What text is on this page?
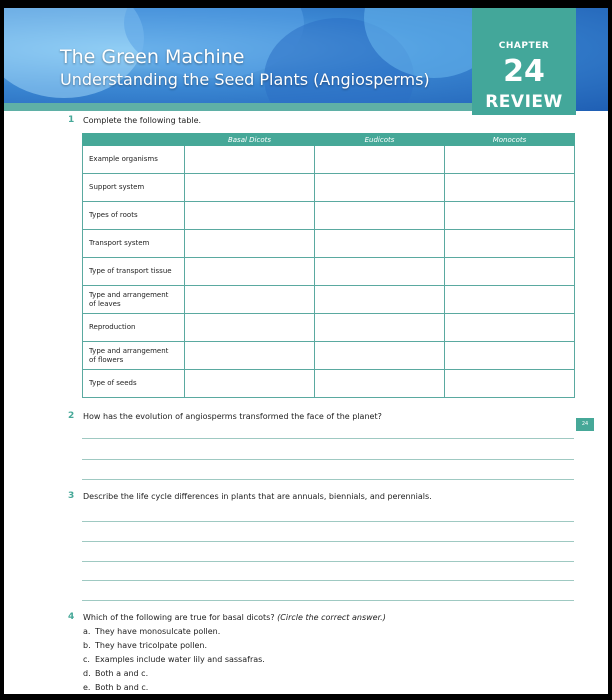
The Green Machine
Understanding the Seed Plants (Angiosperms)
CHAPTER
24
REVIEW
1 Complete the following table.
	Basal Dicots	Eudicots	Monocots
Example organisms			
Support system			
Types of roots			
Transport system			
Type of transport tissue			
Type and arrangement
of leaves			
Reproduction			
Type and arrangement
of flowers			
Type of seeds			
2 How has the evolution of angiosperms transformed the face of the planet?
24
3 Describe the life cycle differences in plants that are annuals, biennials, and perennials.
4 Which of the following are true for basal dicots? (Circle the correct answer.)
a. They have monosulcate pollen.
b. They have tricolpate pollen.
c. Examples include water lily and sassafras.
d. Both a and c.
e. Both b and c.
